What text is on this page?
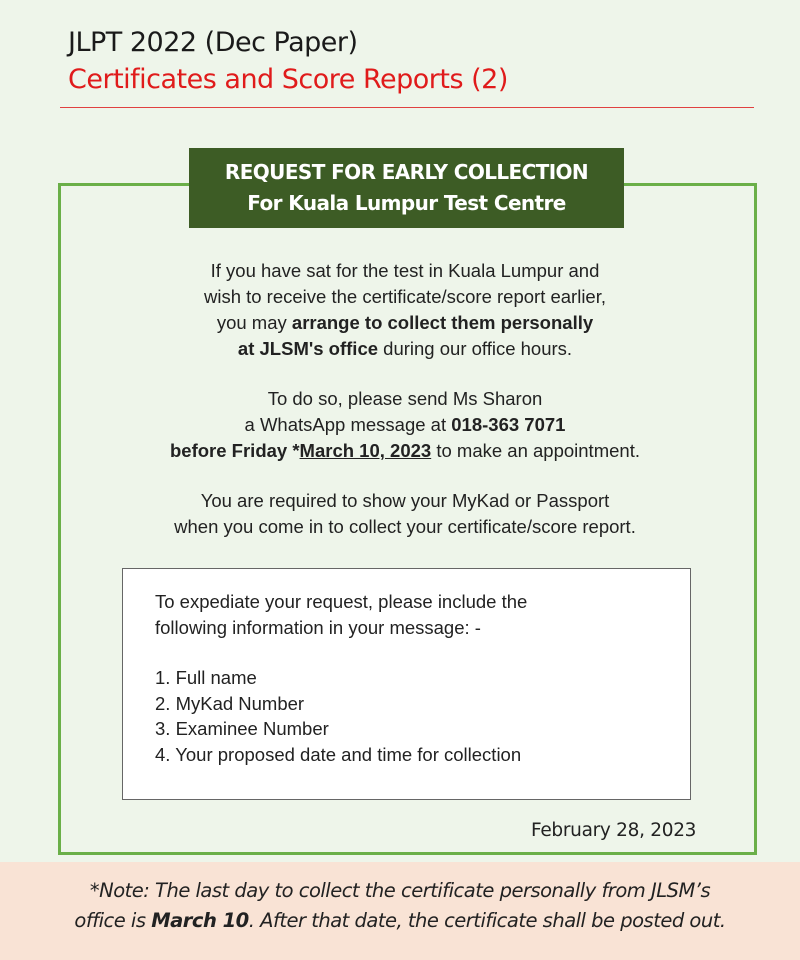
JLPT 2022 (Dec Paper)
Certificates and Score Reports (2)
REQUEST FOR EARLY COLLECTION
For Kuala Lumpur Test Centre

If you have sat for the test in Kuala Lumpur and
wish to receive the certificate/score report earlier,
you may arrange to collect them personally
at JLSM's office during our office hours.

To do so, please send Ms Sharon
a WhatsApp message at 018-363 7071
before Friday *March 10, 2023 to make an appointment.

You are required to show your MyKad or Passport
when you come in to collect your certificate/score report.

To expediate your request, please include the
following information in your message: -
1. Full name
2. MyKad Number
3. Examinee Number
4. Your proposed date and time for collection
February 28, 2023
*Note: The last day to collect the certificate personally from JLSM’s
office is March 10. After that date, the certificate shall be posted out.
